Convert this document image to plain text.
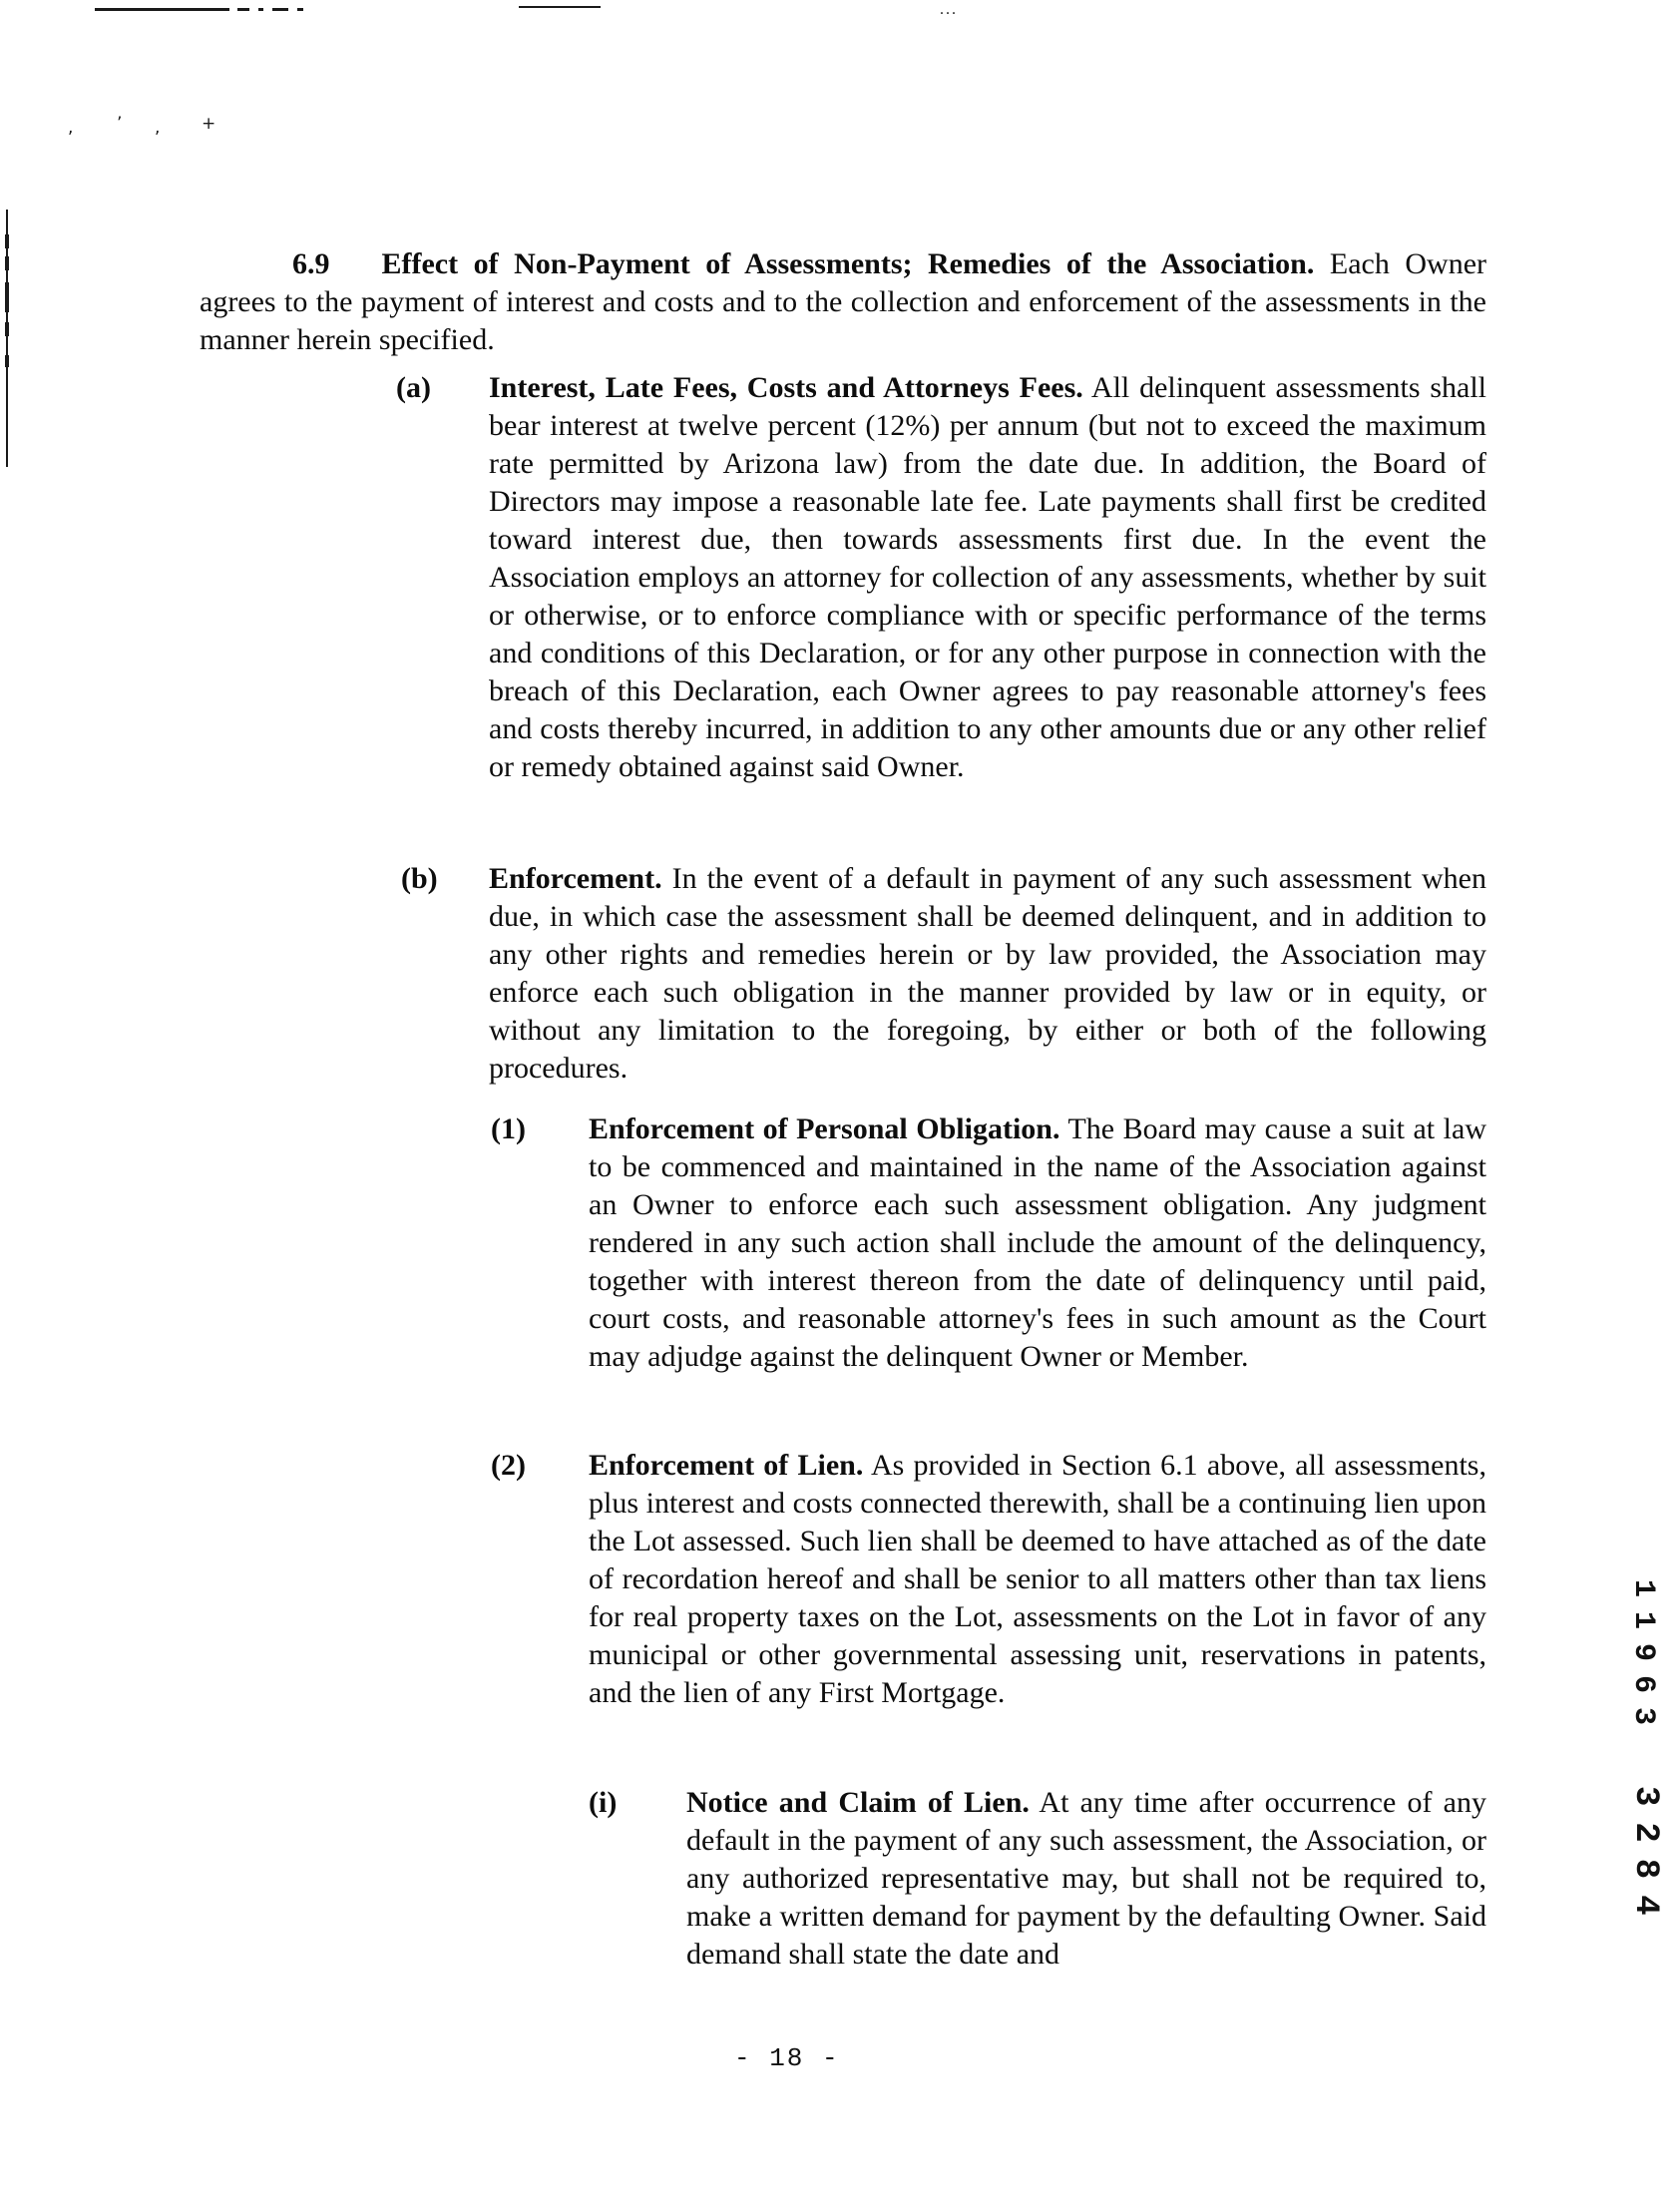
...
,	’ , +

6.9 Effect of Non-Payment of Assessments; Remedies of the Association. Each Owner agrees to the payment of interest and costs and to the collection and enforcement of the assessments in the manner herein specified.

(a) Interest, Late Fees, Costs and Attorneys Fees. All delinquent assessments shall bear interest at twelve percent (12%) per annum (but not to exceed the maximum rate permitted by Arizona law) from the date due. In addition, the Board of Directors may impose a reasonable late fee. Late payments shall first be credited toward interest due, then towards assessments first due. In the event the Association employs an attorney for collection of any assessments, whether by suit or otherwise, or to enforce compliance with or specific performance of the terms and conditions of this Declaration, or for any other purpose in connection with the breach of this Declaration, each Owner agrees to pay reasonable attorney's fees and costs thereby incurred, in addition to any other amounts due or any other relief or remedy obtained against said Owner.

(b) Enforcement. In the event of a default in payment of any such assessment when due, in which case the assessment shall be deemed delinquent, and in addition to any other rights and remedies herein or by law provided, the Association may enforce each such obligation in the manner provided by law or in equity, or without any limitation to the foregoing, by either or both of the following procedures.

(1) Enforcement of Personal Obligation. The Board may cause a suit at law to be commenced and maintained in the name of the Association against an Owner to enforce each such assessment obligation. Any judgment rendered in any such action shall include the amount of the delinquency, together with interest thereon from the date of delinquency until paid, court costs, and reasonable attorney's fees in such amount as the Court may adjudge against the delinquent Owner or Member.

(2) Enforcement of Lien. As provided in Section 6.1 above, all assessments, plus interest and costs connected therewith, shall be a continuing lien upon the Lot assessed. Such lien shall be deemed to have attached as of the date of recordation hereof and shall be senior to all matters other than tax liens for real property taxes on the Lot, assessments on the Lot in favor of any municipal or other governmental assessing unit, reservations in patents, and the lien of any First Mortgage.

(i) Notice and Claim of Lien. At any time after occurrence of any default in the payment of any such assessment, the Association, or any authorized representative may, but shall not be required to, make a written demand for payment by the defaulting Owner. Said demand shall state the date and

11963
3284
- 18 -
